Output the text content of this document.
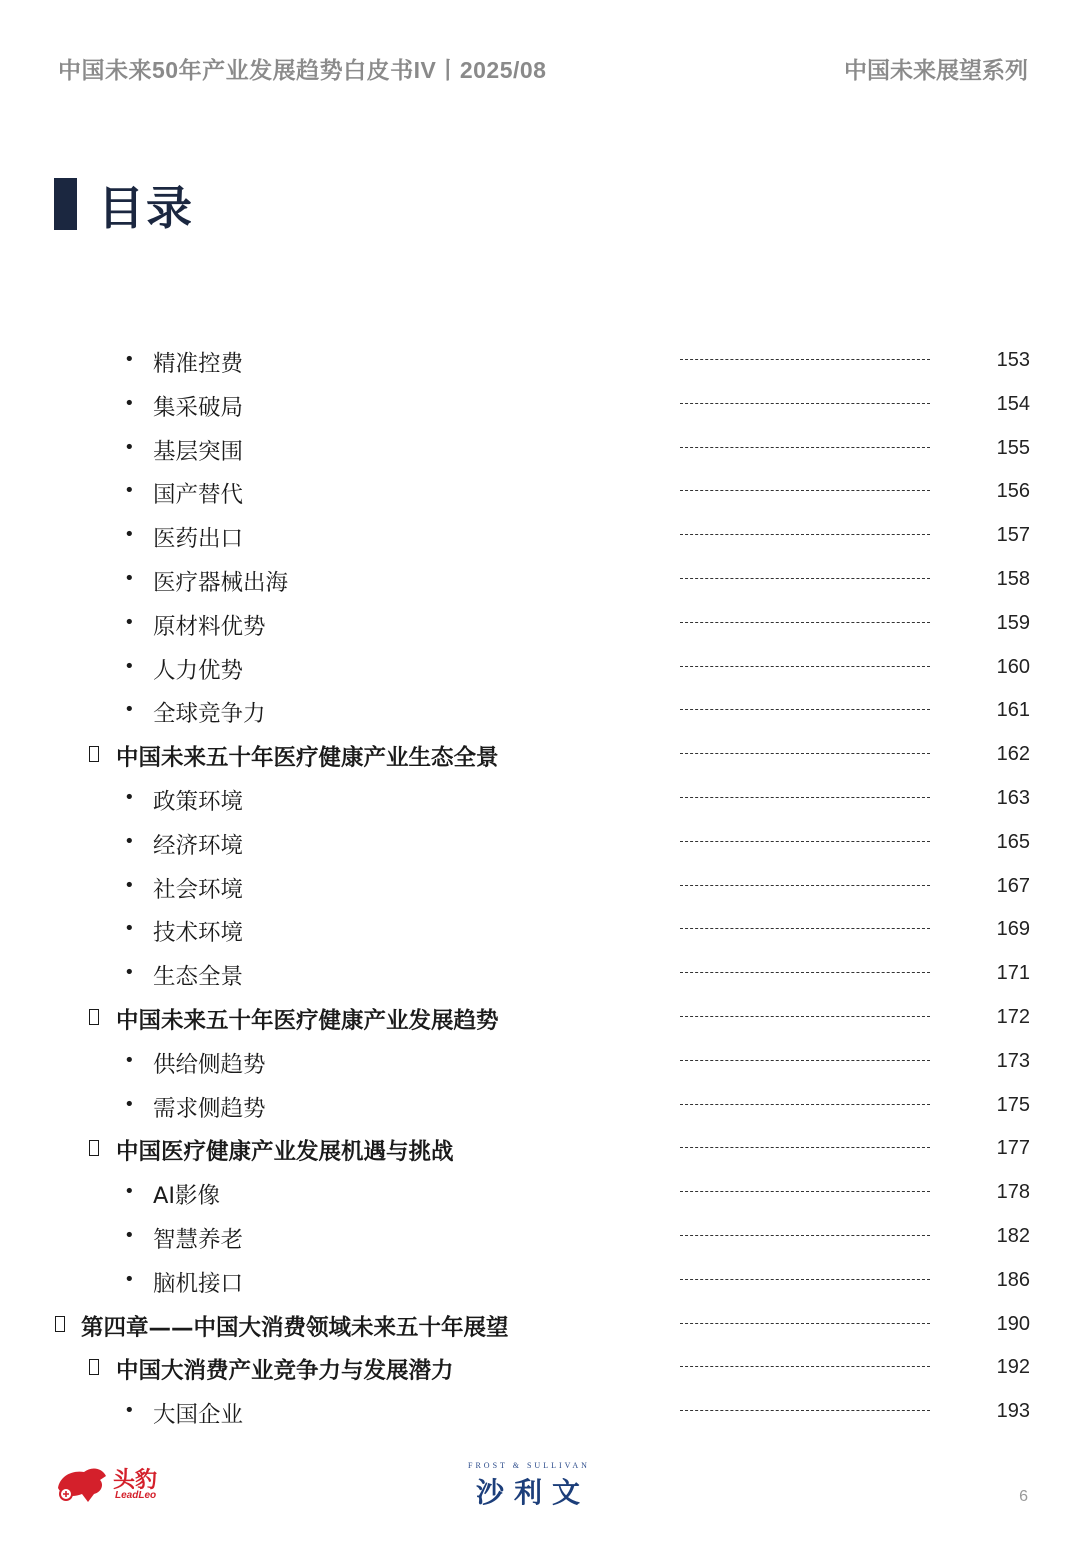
中国未来50年产业发展趋势白皮书IV丨2025/08	中国未来展望系列
目录
• 精准控费	153
• 集采破局	154
• 基层突围	155
• 国产替代	156
• 医药出口	157
• 医疗器械出海	158
• 原材料优势	159
• 人力优势	160
• 全球竞争力	161
中国未来五十年医疗健康产业生态全景	162
• 政策环境	163
• 经济环境	165
• 社会环境	167
• 技术环境	169
• 生态全景	171
中国未来五十年医疗健康产业发展趋势	172
• 供给侧趋势	173
• 需求侧趋势	175
中国医疗健康产业发展机遇与挑战	177
• AI影像	178
• 智慧养老	182
• 脑机接口	186
第四章——中国大消费领域未来五十年展望	190
中国大消费产业竞争力与发展潜力	192
• 大国企业	193
头豹
LeadLeo
FROST & SULLIVAN
沙利文	6
